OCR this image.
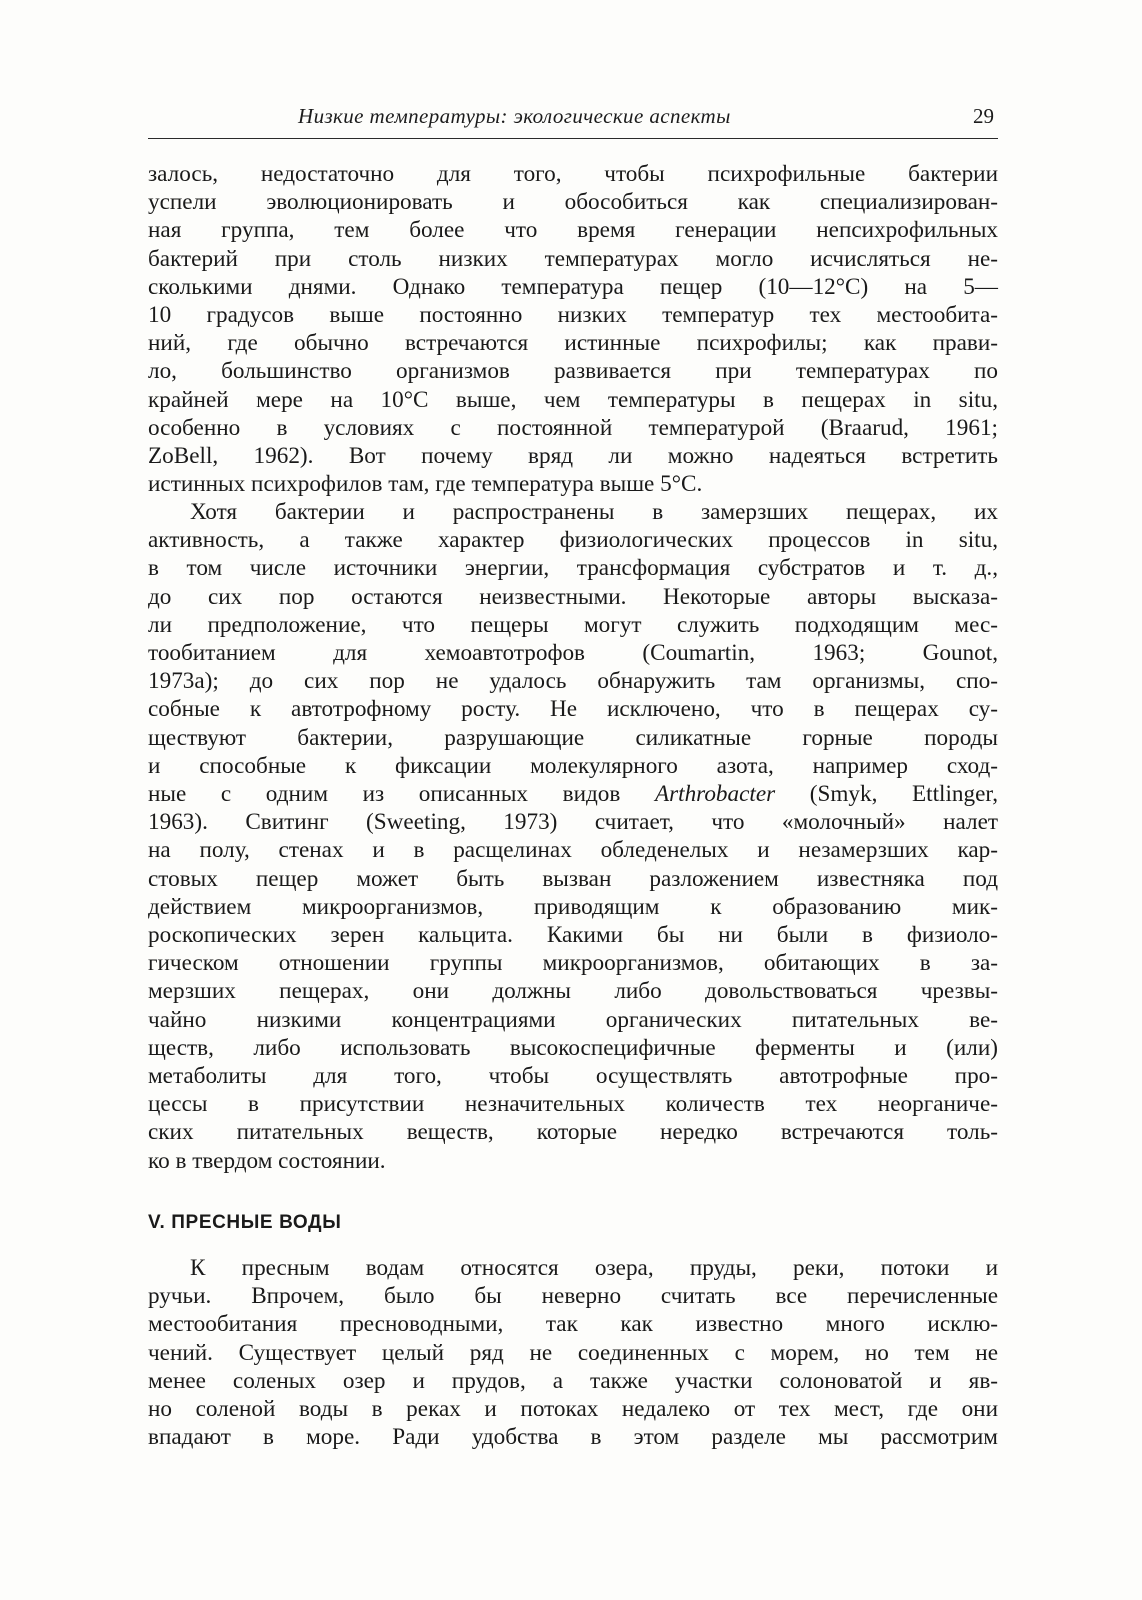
Низкие температуры: экологические аспекты	29
залось, недостаточно для того, чтобы психрофильные бактерии
успели эволюционировать и обособиться как специализирован-
ная группа, тем более что время генерации непсихрофильных
бактерий при столь низких температурах могло исчисляться не-
сколькими днями. Однако температура пещер (10—12°С) на 5—
10 градусов выше постоянно низких температур тех местообита-
ний, где обычно встречаются истинные психрофилы; как прави-
ло, большинство организмов развивается при температурах по
крайней мере на 10°С выше, чем температуры в пещерах in situ,
особенно в условиях с постоянной температурой (Braarud, 1961;
ZoBell, 1962). Вот почему вряд ли можно надеяться встретить
истинных психрофилов там, где температура выше 5°С.
Хотя бактерии и распространены в замерзших пещерах, их
активность, а также характер физиологических процессов in situ,
в том числе источники энергии, трансформация субстратов и т. д.,
до сих пор остаются неизвестными. Некоторые авторы высказа-
ли предположение, что пещеры могут служить подходящим мес-
тообитанием для хемоавтотрофов (Coumartin, 1963; Gounot,
1973а); до сих пор не удалось обнаружить там организмы, спо-
собные к автотрофному росту. Не исключено, что в пещерах су-
ществуют бактерии, разрушающие силикатные горные породы
и способные к фиксации молекулярного азота, например сход-
ные с одним из описанных видов Arthrobacter (Smyk, Ettlinger,
1963). Свитинг (Sweeting, 1973) считает, что «молочный» налет
на полу, стенах и в расщелинах обледенелых и незамерзших кар-
стовых пещер может быть вызван разложением известняка под
действием микроорганизмов, приводящим к образованию мик-
роскопических зерен кальцита. Какими бы ни были в физиоло-
гическом отношении группы микроорганизмов, обитающих в за-
мерзших пещерах, они должны либо довольствоваться чрезвы-
чайно низкими концентрациями органических питательных ве-
ществ, либо использовать высокоспецифичные ферменты и (или)
метаболиты для того, чтобы осуществлять автотрофные про-
цессы в присутствии незначительных количеств тех неорганиче-
ских питательных веществ, которые нередко встречаются толь-
ко в твердом состоянии.
V. ПРЕСНЫЕ ВОДЫ
К пресным водам относятся озера, пруды, реки, потоки и
ручьи. Впрочем, было бы неверно считать все перечисленные
местообитания пресноводными, так как известно много исклю-
чений. Существует целый ряд не соединенных с морем, но тем не
менее соленых озер и прудов, а также участки солоноватой и яв-
но соленой воды в реках и потоках недалеко от тех мест, где они
впадают в море. Ради удобства в этом разделе мы рассмотрим
